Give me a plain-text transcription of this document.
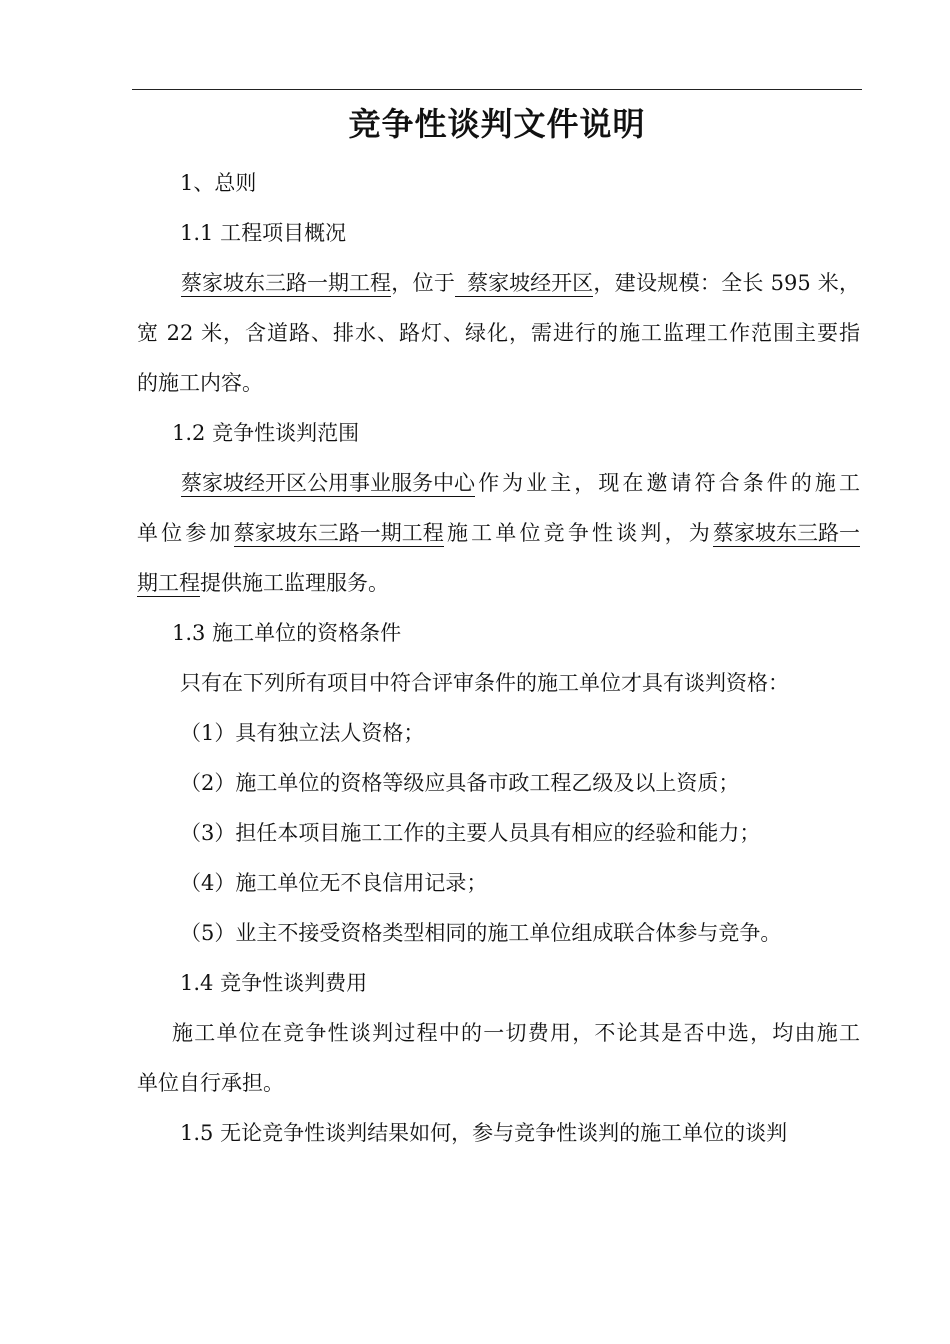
竞争性谈判文件说明
1、总则
1.1 工程项目概况
蔡家坡东三路一期工程，位于 蔡家坡经开区，建设规模：全长 595 米，
宽 22 米，含道路、排水、路灯、绿化，需进行的施工监理工作范围主要指
的施工内容。
1.2 竞争性谈判范围
蔡家坡经开区公用事业服务中心作为业主，现在邀请符合条件的施工
单位参加蔡家坡东三路一期工程施工单位竞争性谈判，为蔡家坡东三路一
期工程提供施工监理服务。
1.3 施工单位的资格条件
只有在下列所有项目中符合评审条件的施工单位才具有谈判资格：
（1）具有独立法人资格；
（2）施工单位的资格等级应具备市政工程乙级及以上资质；
（3）担任本项目施工工作的主要人员具有相应的经验和能力；
（4）施工单位无不良信用记录；
（5）业主不接受资格类型相同的施工单位组成联合体参与竞争。
1.4 竞争性谈判费用
施工单位在竞争性谈判过程中的一切费用，不论其是否中选，均由施工
单位自行承担。
1.5 无论竞争性谈判结果如何，参与竞争性谈判的施工单位的谈判
